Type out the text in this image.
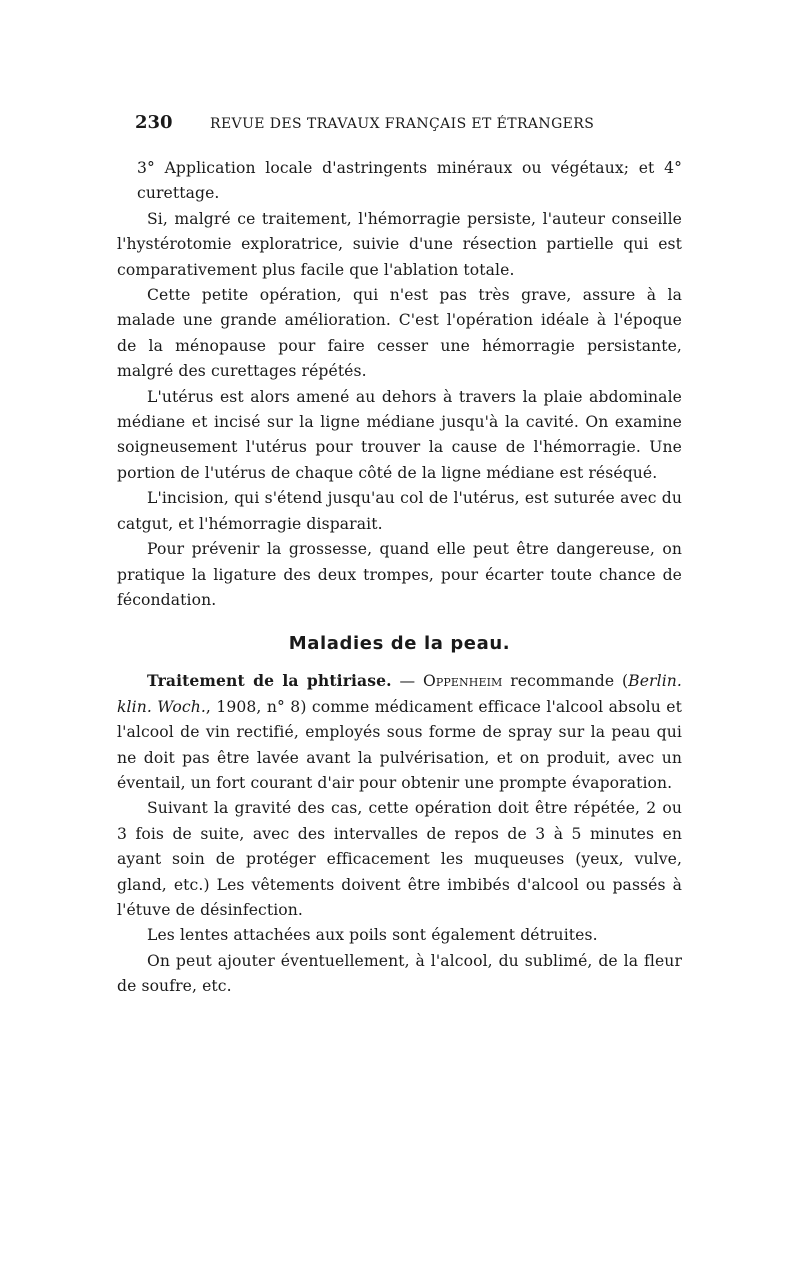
230	REVUE DES TRAVAUX FRANÇAIS ET ÉTRANGERS

3° Application locale d'astringents minéraux ou végétaux; et 4° curettage.

Si, malgré ce traitement, l'hémorragie persiste, l'auteur conseille l'hystérotomie exploratrice, suivie d'une résection partielle qui est comparativement plus facile que l'ablation totale.

Cette petite opération, qui n'est pas très grave, assure à la malade une grande amélioration. C'est l'opération idéale à l'époque de la ménopause pour faire cesser une hémorragie persistante, malgré des curettages répétés.

L'utérus est alors amené au dehors à travers la plaie abdominale médiane et incisé sur la ligne médiane jusqu'à la cavité. On examine soigneusement l'utérus pour trouver la cause de l'hémorragie. Une portion de l'utérus de chaque côté de la ligne médiane est réséqué.

L'incision, qui s'étend jusqu'au col de l'utérus, est suturée avec du catgut, et l'hémorragie disparait.

Pour prévenir la grossesse, quand elle peut être dangereuse, on pratique la ligature des deux trompes, pour écarter toute chance de fécondation.

Maladies de la peau.

Traitement de la phtiriase. — Oppenheim recommande (Berlin. klin. Woch., 1908, n° 8) comme médicament efficace l'alcool absolu et l'alcool de vin rectifié, employés sous forme de spray sur la peau qui ne doit pas être lavée avant la pulvérisation, et on produit, avec un éventail, un fort courant d'air pour obtenir une prompte évaporation.

Suivant la gravité des cas, cette opération doit être répétée, 2 ou 3 fois de suite, avec des intervalles de repos de 3 à 5 minutes en ayant soin de protéger efficacement les muqueuses (yeux, vulve, gland, etc.) Les vêtements doivent être imbibés d'alcool ou passés à l'étuve de désinfection.

Les lentes attachées aux poils sont également détruites.

On peut ajouter éventuellement, à l'alcool, du sublimé, de la fleur de soufre, etc.
